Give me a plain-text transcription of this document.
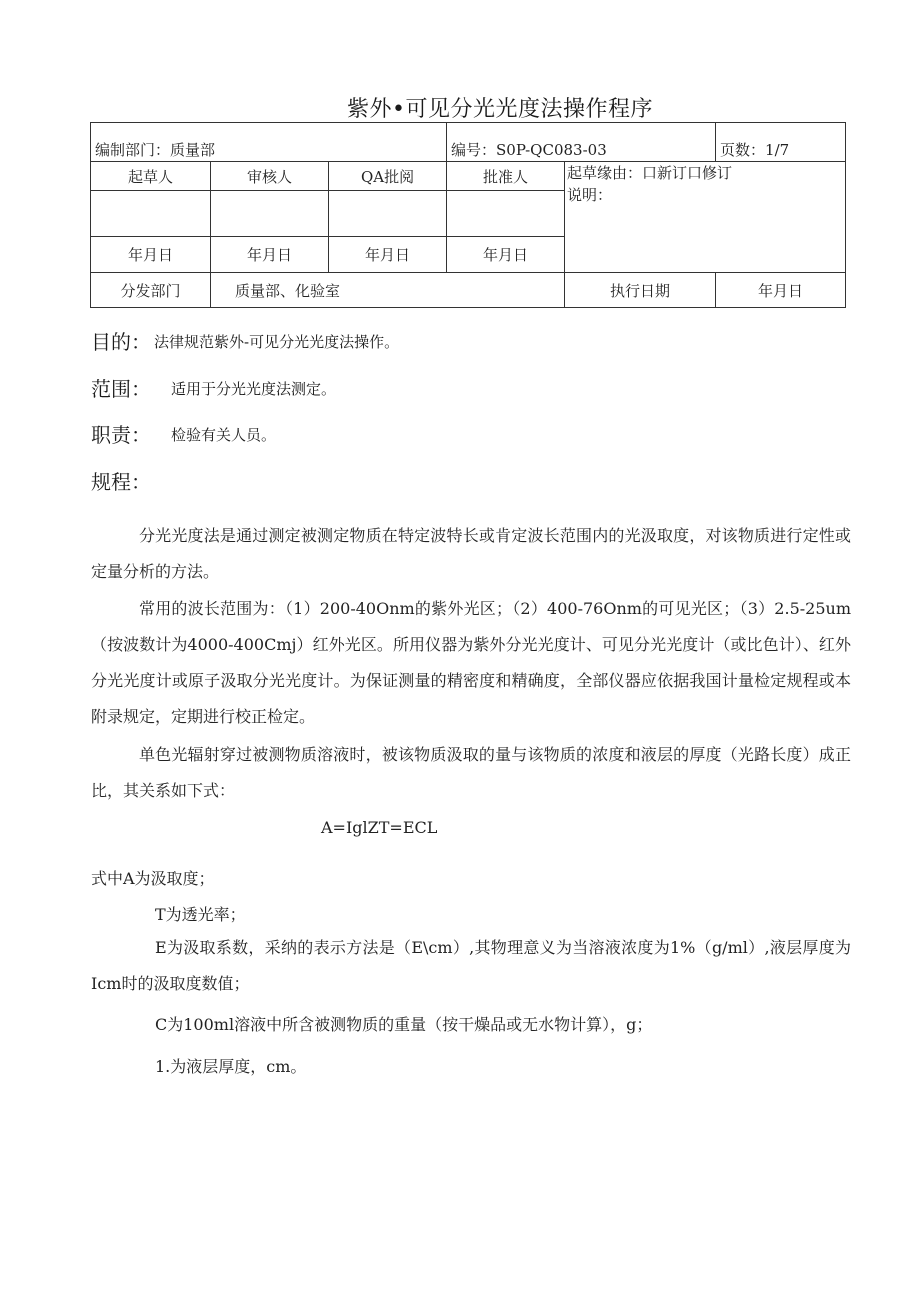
紫外•可见分光光度法操作程序
编制部门：质量部			编号：S0P-QC083-03		页数：1/7
起草人	审核人	QA批阅	批准人	起草缘由：口新订口修订
说明：	

年月日	年月日	年月日	年月日		
分发部门	质量部、化验室			执行日期	年月日
目的： 法律规范紫外-可见分光光度法操作。
范围： 适用于分光光度法测定。
职责： 检验有关人员。
规程：
分光光度法是通过测定被测定物质在特定波特长或肯定波长范围内的光汲取度，对该物质进行定性或定量分析的方法。
常用的波长范围为：（1）200-40Onm的紫外光区；（2）400-76Onm的可见光区；（3）2.5-25um（按波数计为4000-400Cmj）红外光区。所用仪器为紫外分光光度计、可见分光光度计（或比色计）、红外分光光度计或原子汲取分光光度计。为保证测量的精密度和精确度，全部仪器应依据我国计量检定规程或本附录规定，定期进行校正检定。
单色光辐射穿过被测物质溶液时，被该物质汲取的量与该物质的浓度和液层的厚度（光路长度）成正比，其关系如下式：
A=IglZT=ECL
式中A为汲取度；
T为透光率；
E为汲取系数，采纳的表示方法是（E\cm）,其物理意义为当溶液浓度为1%（g/ml）,液层厚度为Icm时的汲取度数值；
C为100ml溶液中所含被测物质的重量（按干燥品或无水物计算），g；
1.为液层厚度，cm。
